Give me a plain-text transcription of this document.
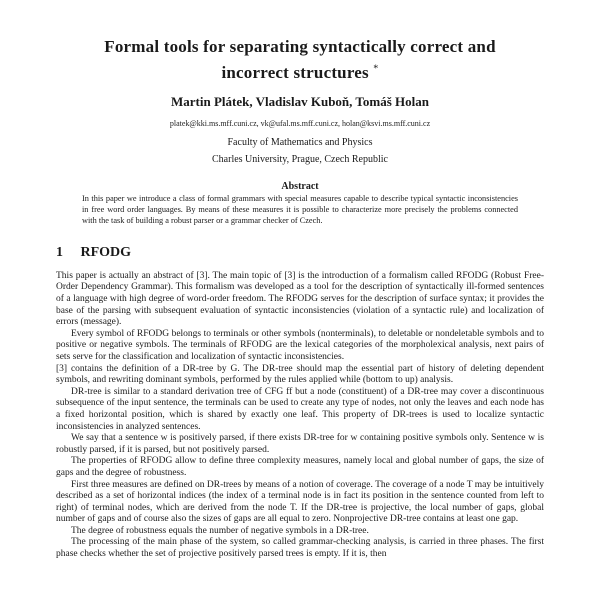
Formal tools for separating syntactically correct and
incorrect structures *
Martin Plátek, Vladislav Kuboň, Tomáš Holan
platek@kki.ms.mff.cuni.cz, vk@ufal.ms.mff.cuni.cz, holan@ksvi.ms.mff.cuni.cz
Faculty of Mathematics and Physics
Charles University, Prague, Czech Republic
Abstract
In this paper we introduce a class of formal grammars with special measures capable to describe typical syntactic inconsistencies in free word order languages. By means of these measures it is possible to characterize more precisely the problems connected with the task of building a robust parser or a grammar checker of Czech.
1 RFODG

This paper is actually an abstract of [3]. The main topic of [3] is the introduction of a formalism called RFODG (Robust Free-Order Dependency Grammar). This formalism was developed as a tool for the description of syntactically ill-formed sentences of a language with high degree of word-order freedom. The RFODG serves for the description of surface syntax; it provides the base of the parsing with subsequent evaluation of syntactic inconsistencies (violation of a syntactic rule) and localization of errors (message).

Every symbol of RFODG belongs to terminals or other symbols (nonterminals), to deletable or nondeletable symbols and to positive or negative symbols. The terminals of RFODG are the lexical categories of the morpholexical analysis, next pairs of sets serve for the classification and localization of syntactic inconsistencies.

[3] contains the definition of a DR-tree by G. The DR-tree should map the essential part of history of deleting dependent symbols, and rewriting dominant symbols, performed by the rules applied while (bottom to up) analysis.

DR-tree is similar to a standard derivation tree of CFG ff but a node (constituent) of a DR-tree may cover a discontinuous subsequence of the input sentence, the terminals can be used to create any type of nodes, not only the leaves and each node has a fixed horizontal position, which is shared by exactly one leaf. This property of DR-trees is used to localize syntactic inconsistencies in analyzed sentences.

We say that a sentence w is positively parsed, if there exists DR-tree for w containing positive symbols only. Sentence w is robustly parsed, if it is parsed, but not positively parsed.

The properties of RFODG allow to define three complexity measures, namely local and global number of gaps, the size of gaps and the degree of robustness.

First three measures are defined on DR-trees by means of a notion of coverage. The coverage of a node T may be intuitively described as a set of horizontal indices (the index of a terminal node is in fact its position in the sentence counted from left to right) of terminal nodes, which are derived from the node T. If the DR-tree is projective, the local number of gaps, global number of gaps and of course also the sizes of gaps are all equal to zero. Nonprojective DR-tree contains at least one gap.

The degree of robustness equals the number of negative symbols in a DR-tree.

The processing of the main phase of the system, so called grammar-checking analysis, is carried in three phases. The first phase checks whether the set of projective positively parsed trees is empty. If it is, then
